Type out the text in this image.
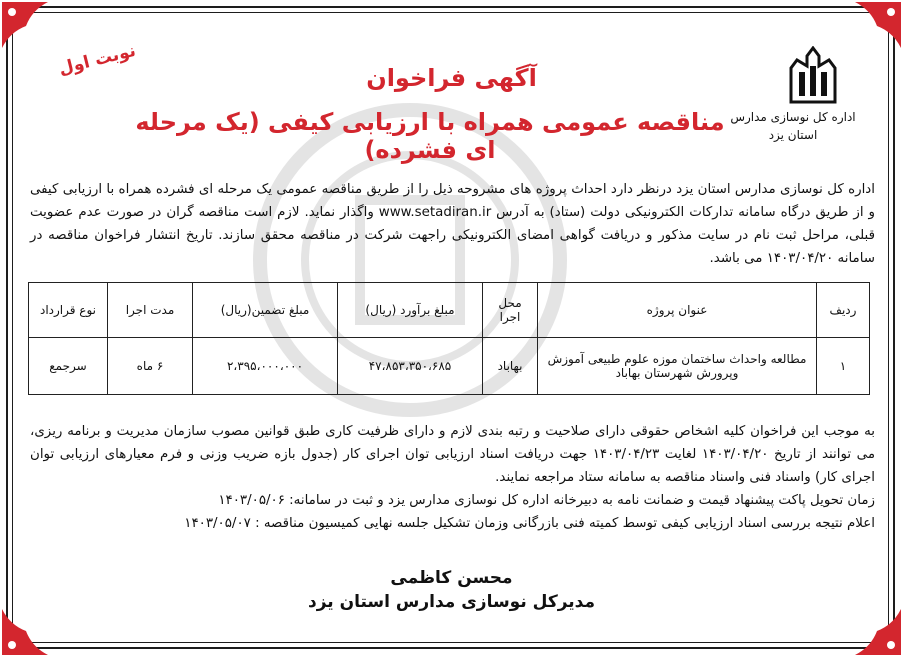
اداره کل نوسازی مدارس
استان یزد
نوبت اول	آگهی فراخوان
مناقصه عمومی همراه با ارزیابی کیفی (یک مرحله ای فشرده)
اداره کل نوسازی مدارس استان یزد درنظر دارد احداث پروژه های مشروحه ذیل را از طریق مناقصه عمومی یک مرحله ای فشرده همراه با ارزیابی کیفی و از طریق درگاه سامانه تدارکات الکترونیکی دولت (ستاد) به آدرس www.setadiran.ir واگذار نماید. لازم است مناقصه گران در صورت عدم عضویت قبلی، مراحل ثبت نام در سایت مذکور و دریافت گواهی امضای الکترونیکی راجهت شرکت در مناقصه محقق سازند. تاریخ انتشار فراخوان مناقصه در سامانه ۱۴۰۳/۰۴/۲۰ می باشد.
ردیف	عنوان پروژه	محل اجرا	مبلغ برآورد (ریال)	مبلغ تضمین(ریال)	مدت اجرا	نوع قرارداد
۱	مطالعه واحداث ساختمان موزه علوم طبیعی آموزش وپرورش شهرستان بهاباد	بهاباد	۴۷،۸۵۳،۳۵۰،۶۸۵	۲،۳۹۵،۰۰۰،۰۰۰	۶ ماه	سرجمع
به موجب این فراخوان کلیه اشخاص حقوقی دارای صلاحیت و رتبه بندی لازم و دارای ظرفیت کاری طبق قوانین مصوب سازمان مدیریت و برنامه ریزی، می توانند از تاریخ ۱۴۰۳/۰۴/۲۰ لغایت ۱۴۰۳/۰۴/۲۳ جهت دریافت اسناد ارزیابی توان اجرای کار (جدول بازه ضریب وزنی و فرم معیارهای ارزیابی توان اجرای کار) واسناد فنی واسناد مناقصه به سامانه ستاد مراجعه نمایند.
زمان تحویل پاکت پیشنهاد قیمت و ضمانت نامه به دبیرخانه اداره کل نوسازی مدارس یزد و ثبت در سامانه: ۱۴۰۳/۰۵/۰۶
اعلام نتیجه بررسی اسناد ارزیابی کیفی توسط کمیته فنی بازرگانی وزمان تشکیل جلسه نهایی کمیسیون مناقصه : ۱۴۰۳/۰۵/۰۷
محسن کاظمی
مدیرکل نوسازی مدارس استان یزد
